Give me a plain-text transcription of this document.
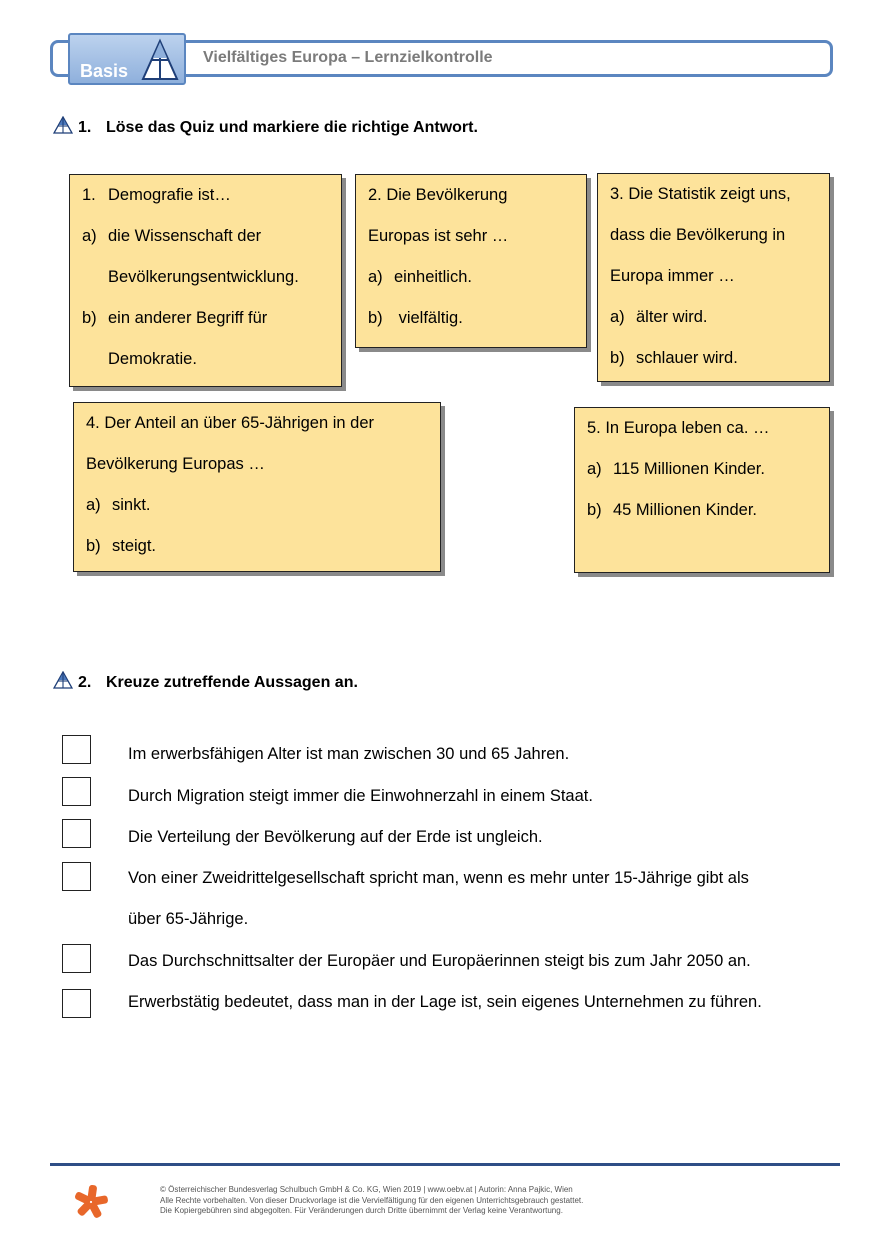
Basis
Vielfältiges Europa – Lernzielkontrolle
1. Löse das Quiz und markiere die richtige Antwort.
1. Demografie ist…
a) die Wissenschaft der
Bevölkerungsentwicklung.
b) ein anderer Begriff für
Demokratie.
2. Die Bevölkerung
Europas ist sehr …
a) einheitlich.
b) vielfältig.
3. Die Statistik zeigt uns,
dass die Bevölkerung in
Europa immer …
a) älter wird.
b) schlauer wird.
4. Der Anteil an über 65-Jährigen in der
Bevölkerung Europas …
a) sinkt.
b) steigt.
5. In Europa leben ca. …
a) 115 Millionen Kinder.
b) 45 Millionen Kinder.
2. Kreuze zutreffende Aussagen an.
Im erwerbsfähigen Alter ist man zwischen 30 und 65 Jahren.
Durch Migration steigt immer die Einwohnerzahl in einem Staat.
Die Verteilung der Bevölkerung auf der Erde ist ungleich.
Von einer Zweidrittelgesellschaft spricht man, wenn es mehr unter 15-Jährige gibt als
über 65-Jährige.
Das Durchschnittsalter der Europäer und Europäerinnen steigt bis zum Jahr 2050 an.
Erwerbstätig bedeutet, dass man in der Lage ist, sein eigenes Unternehmen zu führen.
© Österreichischer Bundesverlag Schulbuch GmbH & Co. KG, Wien 2019 | www.oebv.at | Autorin: Anna Pajkic, Wien
Alle Rechte vorbehalten. Von dieser Druckvorlage ist die Vervielfältigung für den eigenen Unterrichtsgebrauch gestattet.
Die Kopiergebühren sind abgegolten. Für Veränderungen durch Dritte übernimmt der Verlag keine Verantwortung.
